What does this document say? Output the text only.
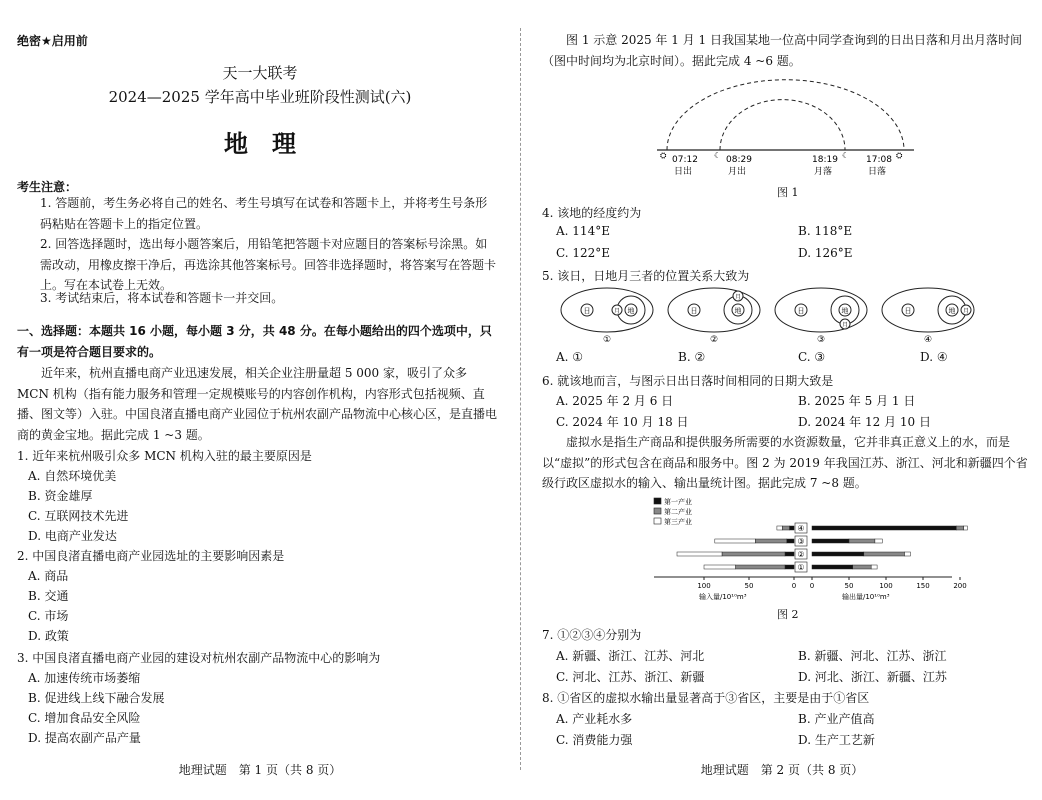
绝密★启用前
天一大联考
2024—2025 学年高中毕业班阶段性测试(六)
地　理
考生注意：
1. 答题前，考生务必将自己的姓名、考生号填写在试卷和答题卡上，并将考生号条形码粘贴在答题卡上的指定位置。
2. 回答选择题时，选出每小题答案后，用铅笔把答题卡对应题目的答案标号涂黑。如需改动，用橡皮擦干净后，再选涂其他答案标号。回答非选择题时，将答案写在答题卡上。写在本试卷上无效。
3. 考试结束后，将本试卷和答题卡一并交回。
一、选择题：本题共 16 小题，每小题 3 分，共 48 分。在每小题给出的四个选项中，只有一项是符合题目要求的。
近年来，杭州直播电商产业迅速发展，相关企业注册量超 5 000 家，吸引了众多 MCN 机构（指有能力服务和管理一定规模账号的内容创作机构，内容形式包括视频、直播、图文等）入驻。中国良渚直播电商产业园位于杭州农副产品物流中心核心区，是直播电商的黄金宝地。据此完成 1 ~3 题。
1. 近年来杭州吸引众多 MCN 机构入驻的最主要原因是
A. 自然环境优美
B. 资金雄厚
C. 互联网技术先进
D. 电商产业发达
2. 中国良渚直播电商产业园选址的主要影响因素是
A. 商品
B. 交通
C. 市场
D. 政策
3. 中国良渚直播电商产业园的建设对杭州农副产品物流中心的影响为
A. 加速传统市场萎缩
B. 促进线上线下融合发展
C. 增加食品安全风险
D. 提高农副产品产量
地理试题　第 1 页（共 8 页）
图 1 示意 2025 年 1 月 1 日我国某地一位高中同学查询到的日出日落和月出月落时间（图中时间均为北京时间）。据此完成 4 ~6 题。
⛭	☾	☾	⛭
07:12
日出
08:29
月出
18:19
月落
17:08
日落
图 1
4. 该地的经度约为
A. 114°E	B. 118°E
C. 122°E	D. 126°E
5. 该日，日地月三者的位置关系大致为
日	地
月
①
日	地
月
②
日	地
月
③
日	地 月
④
A. ①	B. ②	C. ③	D. ④
6. 就该地而言，与图示日出日落时间相同的日期大致是
A. 2025 年 2 月 6 日	B. 2025 年 5 月 1 日
C. 2024 年 10 月 18 日	D. 2024 年 12 月 10 日
虚拟水是指生产商品和提供服务所需要的水资源数量，它并非真正意义上的水，而是以“虚拟”的形式包含在商品和服务中。图 2 为 2019 年我国江苏、浙江、河北和新疆四个省级行政区虚拟水的输入、输出量统计图。据此完成 7 ~8 题。
第一产业
第二产业
第三产业
100	50	0 0	50	100	150	200
输入量/10¹⁰m³	输出量/10¹⁰m³
①
②
③
④
图 2
7. ①②③④分别为
A. 新疆、浙江、江苏、河北	B. 新疆、河北、江苏、浙江
C. 河北、江苏、浙江、新疆	D. 河北、浙江、新疆、江苏
8. ①省区的虚拟水输出量显著高于③省区，主要是由于①省区
A. 产业耗水多	B. 产业产值高
C. 消费能力强	D. 生产工艺新
地理试题　第 2 页（共 8 页）
